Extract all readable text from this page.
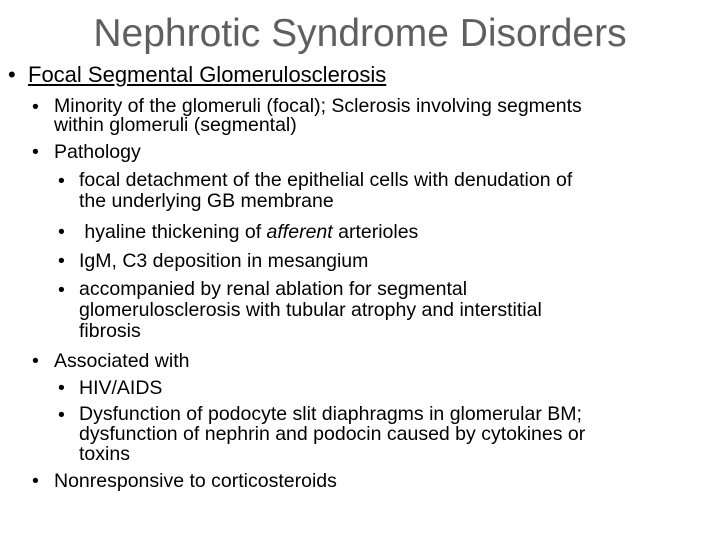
Nephrotic Syndrome Disorders
• Focal Segmental Glomerulosclerosis
• Minority of the glomeruli (focal); Sclerosis involving segments
within glomeruli (segmental)
• Pathology
• focal detachment of the epithelial cells with denudation of
the underlying GB membrane
• hyaline thickening of afferent arterioles
• IgM, C3 deposition in mesangium
• accompanied by renal ablation for segmental
glomerulosclerosis with tubular atrophy and interstitial
fibrosis
• Associated with
• HIV/AIDS
• Dysfunction of podocyte slit diaphragms in glomerular BM;
dysfunction of nephrin and podocin caused by cytokines or
toxins
• Nonresponsive to corticosteroids
